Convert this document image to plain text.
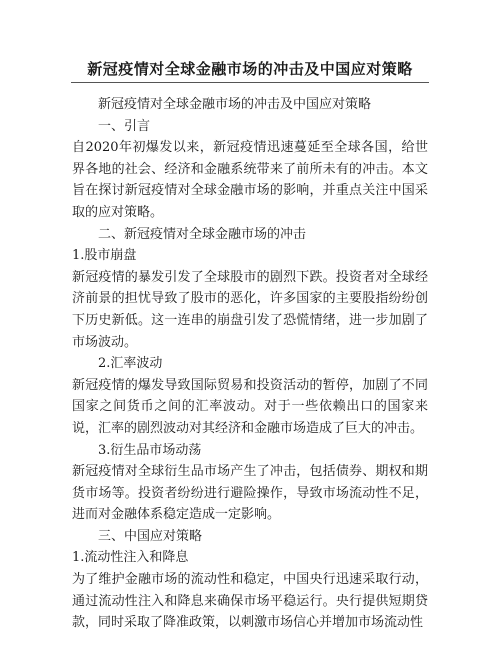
新冠疫情对全球金融市场的冲击及中国应对策略

新冠疫情对全球金融市场的冲击及中国应对策略

一、引言

自2020年初爆发以来，新冠疫情迅速蔓延至全球各国，给世界各地的社会、经济和金融系统带来了前所未有的冲击。本文旨在探讨新冠疫情对全球金融市场的影响，并重点关注中国采取的应对策略。

二、新冠疫情对全球金融市场的冲击

1.股市崩盘

新冠疫情的暴发引发了全球股市的剧烈下跌。投资者对全球经济前景的担忧导致了股市的恶化，许多国家的主要股指纷纷创下历史新低。这一连串的崩盘引发了恐慌情绪，进一步加剧了市场波动。

2.汇率波动

新冠疫情的爆发导致国际贸易和投资活动的暂停，加剧了不同国家之间货币之间的汇率波动。对于一些依赖出口的国家来说，汇率的剧烈波动对其经济和金融市场造成了巨大的冲击。

3.衍生品市场动荡

新冠疫情对全球衍生品市场产生了冲击，包括债券、期权和期货市场等。投资者纷纷进行避险操作，导致市场流动性不足，进而对金融体系稳定造成一定影响。

三、中国应对策略

1.流动性注入和降息

为了维护金融市场的流动性和稳定，中国央行迅速采取行动，通过流动性注入和降息来确保市场平稳运行。央行提供短期贷款，同时采取了降准政策，以刺激市场信心并增加市场流动性
